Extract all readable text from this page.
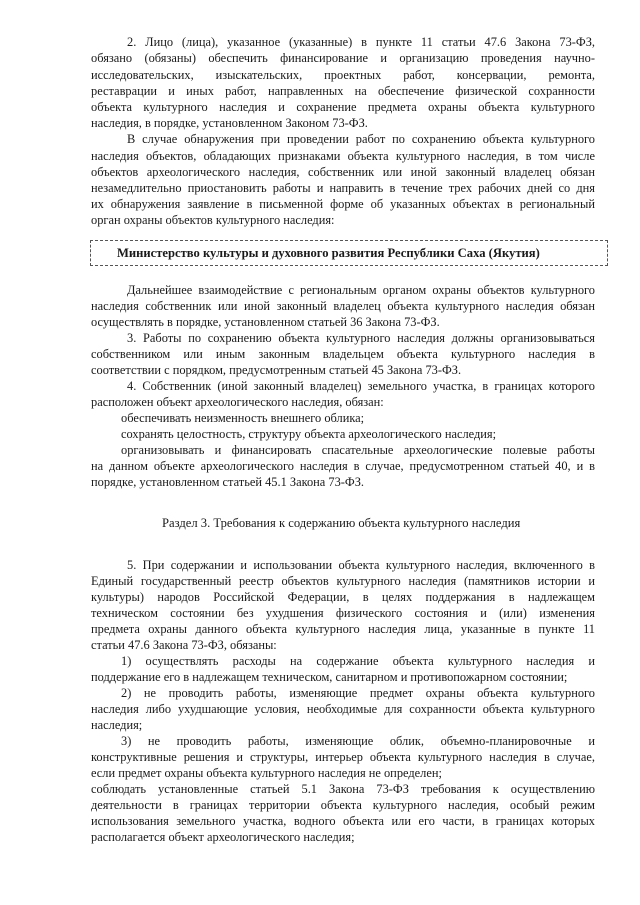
2. Лицо (лица), указанное (указанные) в пункте 11 статьи 47.6 Закона 73-ФЗ,
обязано (обязаны) обеспечить финансирование и организацию проведения научно-
исследовательских, изыскательских, проектных работ, консервации, ремонта,
реставрации и иных работ, направленных на обеспечение физической сохранности
объекта культурного наследия и сохранение предмета охраны объекта культурного
наследия, в порядке, установленном Законом 73-ФЗ.
В случае обнаружения при проведении работ по сохранению объекта культурного
наследия объектов, обладающих признаками объекта культурного наследия, в том числе
объектов археологического наследия, собственник или иной законный владелец обязан
незамедлительно приостановить работы и направить в течение трех рабочих дней со дня
их обнаружения заявление в письменной форме об указанных объектах в региональный
орган охраны объектов культурного наследия:
Министерство культуры и духовного развития Республики Саха (Якутия)
Дальнейшее взаимодействие с региональным органом охраны объектов культурного
наследия собственник или иной законный владелец объекта культурного наследия обязан
осуществлять в порядке, установленном статьей 36 Закона 73-ФЗ.
3. Работы по сохранению объекта культурного наследия должны организовываться
собственником или иным законным владельцем объекта культурного наследия в
соответствии с порядком, предусмотренным статьей 45 Закона 73-ФЗ.
4. Собственник (иной законный владелец) земельного участка, в границах которого
расположен объект археологического наследия, обязан:
обеспечивать неизменность внешнего облика;
сохранять целостность, структуру объекта археологического наследия;
организовывать и финансировать спасательные археологические полевые работы
на данном объекте археологического наследия в случае, предусмотренном статьей 40, и в
порядке, установленном статьей 45.1 Закона 73-ФЗ.
Раздел 3. Требования к содержанию объекта культурного наследия
5. При содержании и использовании объекта культурного наследия, включенного в
Единый государственный реестр объектов культурного наследия (памятников истории и
культуры) народов Российской Федерации, в целях поддержания в надлежащем
техническом состоянии без ухудшения физического состояния и (или) изменения
предмета охраны данного объекта культурного наследия лица, указанные в пункте 11
статьи 47.6 Закона 73-ФЗ, обязаны:
1) осуществлять расходы на содержание объекта культурного наследия и
поддержание его в надлежащем техническом, санитарном и противопожарном состоянии;
2) не проводить работы, изменяющие предмет охраны объекта культурного
наследия либо ухудшающие условия, необходимые для сохранности объекта культурного
наследия;
3) не проводить работы, изменяющие облик, объемно-планировочные и
конструктивные решения и структуры, интерьер объекта культурного наследия в случае,
если предмет охраны объекта культурного наследия не определен;
соблюдать установленные статьей 5.1 Закона 73-ФЗ требования к осуществлению
деятельности в границах территории объекта культурного наследия, особый режим
использования земельного участка, водного объекта или его части, в границах которых
располагается объект археологического наследия;
